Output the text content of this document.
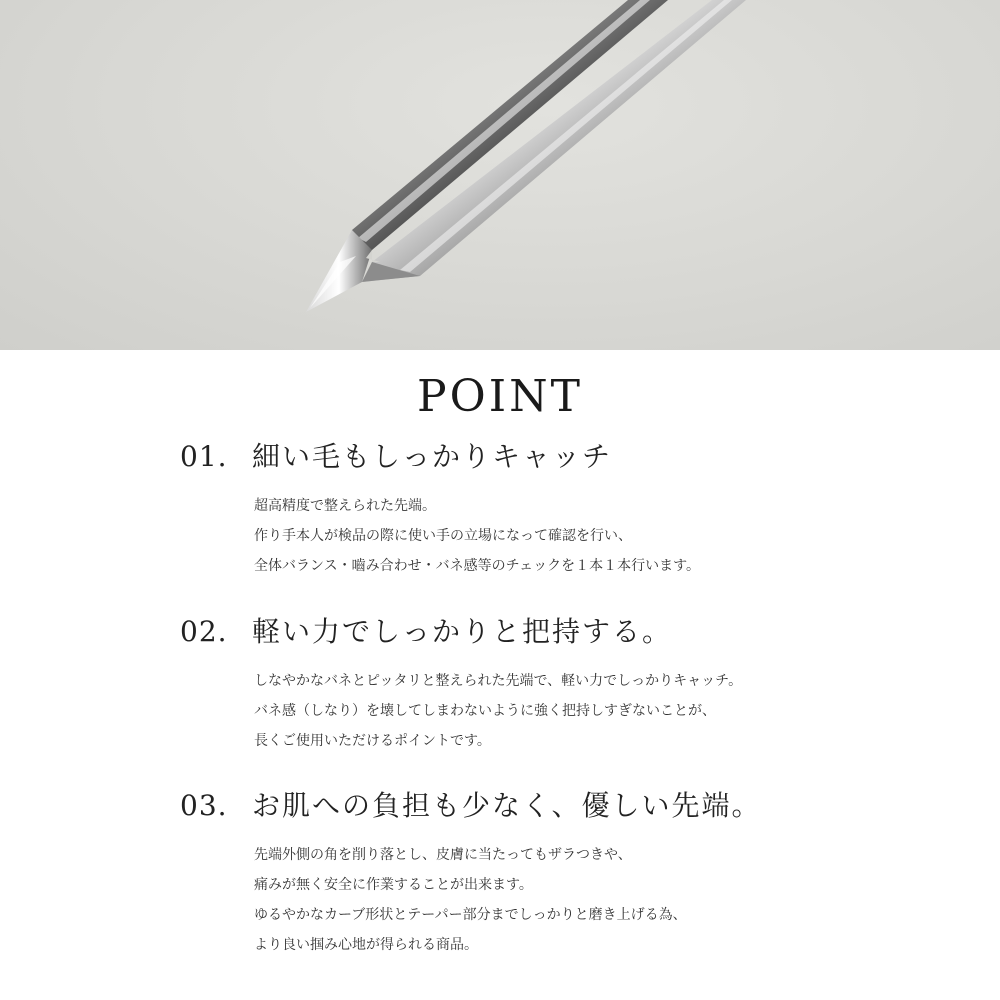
POINT
01. 細い毛もしっかりキャッチ
超高精度で整えられた先端。
作り手本人が検品の際に使い手の立場になって確認を行い、
全体バランス・嚙み合わせ・バネ感等のチェックを１本１本行います。
02. 軽い力でしっかりと把持する。
しなやかなバネとピッタリと整えられた先端で、軽い力でしっかりキャッチ。
バネ感（しなり）を壊してしまわないように強く把持しすぎないことが、
長くご使用いただけるポイントです。
03. お肌への負担も少なく、優しい先端。
先端外側の角を削り落とし、皮膚に当たってもザラつきや、
痛みが無く安全に作業することが出来ます。
ゆるやかなカーブ形状とテーパー部分までしっかりと磨き上げる為、
より良い掴み心地が得られる商品。
